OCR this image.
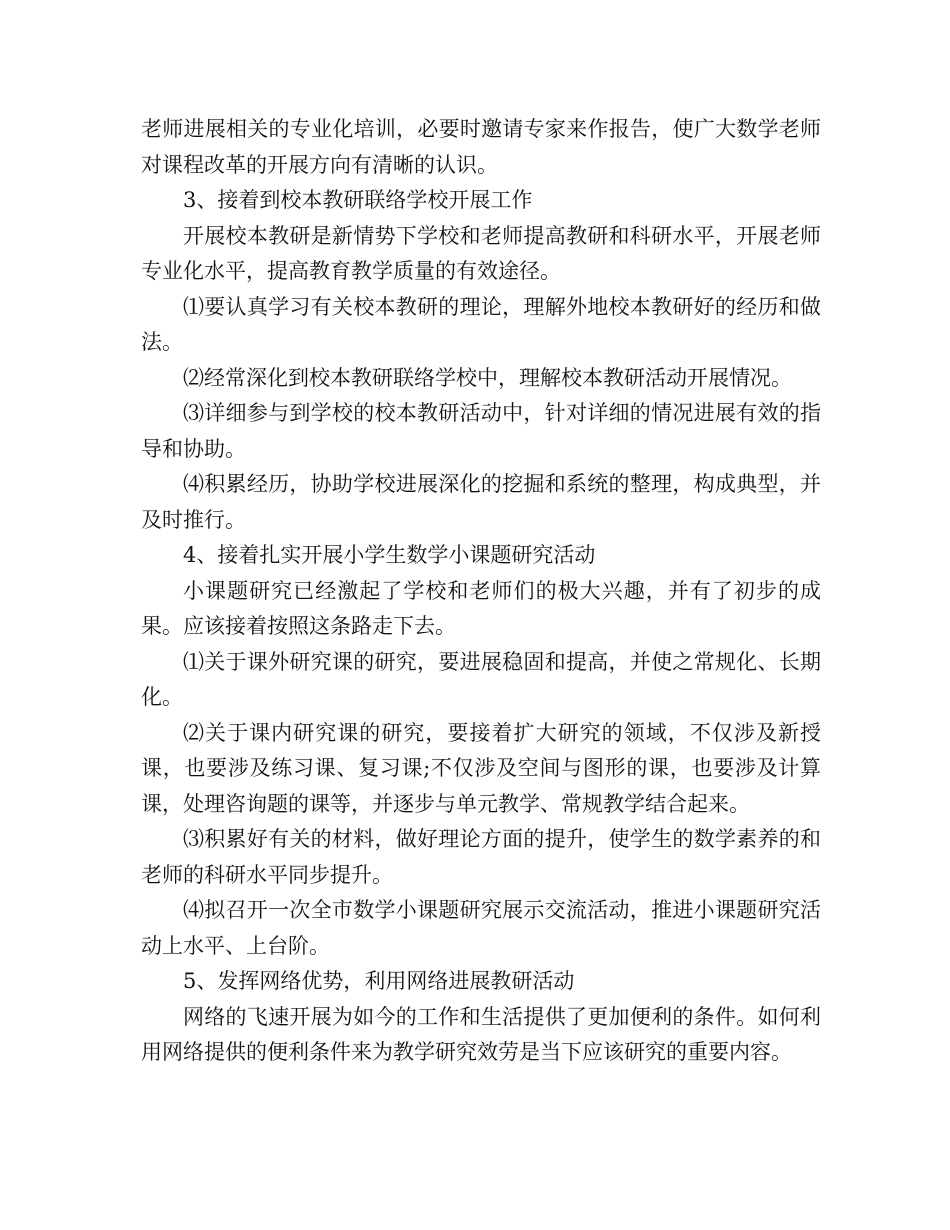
老师进展相关的专业化培训，必要时邀请专家来作报告，使广大数学老师对课程改革的开展方向有清晰的认识。

3、接着到校本教研联络学校开展工作

开展校本教研是新情势下学校和老师提高教研和科研水平，开展老师专业化水平，提高教育教学质量的有效途径。

⑴要认真学习有关校本教研的理论，理解外地校本教研好的经历和做法。

⑵经常深化到校本教研联络学校中，理解校本教研活动开展情况。

⑶详细参与到学校的校本教研活动中，针对详细的情况进展有效的指导和协助。

⑷积累经历，协助学校进展深化的挖掘和系统的整理，构成典型，并及时推行。

4、接着扎实开展小学生数学小课题研究活动

小课题研究已经激起了学校和老师们的极大兴趣，并有了初步的成果。应该接着按照这条路走下去。

⑴关于课外研究课的研究，要进展稳固和提高，并使之常规化、长期化。

⑵关于课内研究课的研究，要接着扩大研究的领域，不仅涉及新授课，也要涉及练习课、复习课;不仅涉及空间与图形的课，也要涉及计算课，处理咨询题的课等，并逐步与单元教学、常规教学结合起来。

⑶积累好有关的材料，做好理论方面的提升，使学生的数学素养的和老师的科研水平同步提升。

⑷拟召开一次全市数学小课题研究展示交流活动，推进小课题研究活动上水平、上台阶。

5、发挥网络优势，利用网络进展教研活动

网络的飞速开展为如今的工作和生活提供了更加便利的条件。如何利用网络提供的便利条件来为教学研究效劳是当下应该研究的重要内容。
